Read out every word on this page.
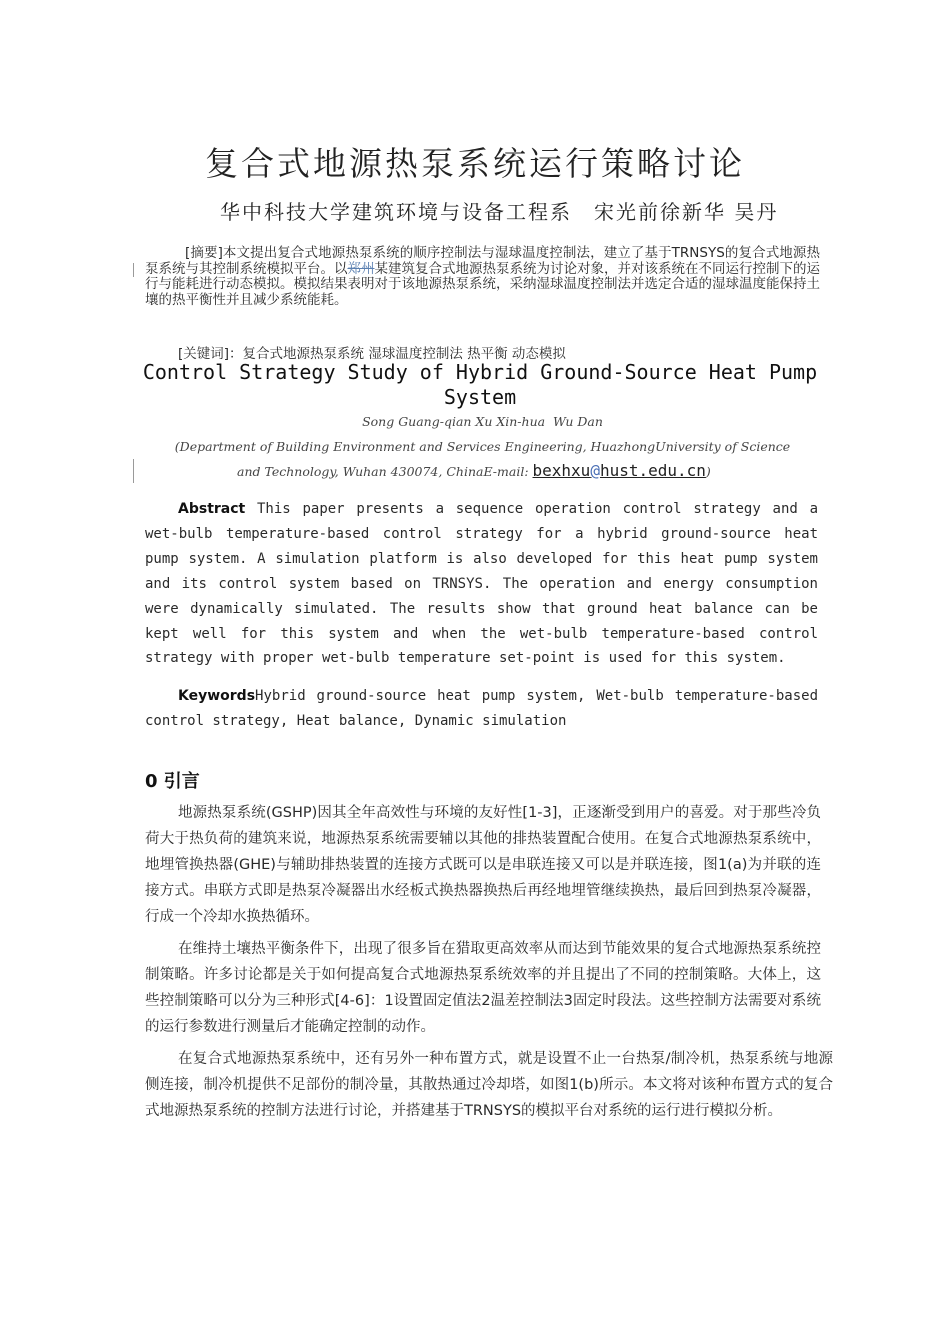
复合式地源热泵系统运行策略讨论
华中科技大学建筑环境与设备工程系 宋光前徐新华 吴丹

[摘要]本文提出复合式地源热泵系统的顺序控制法与湿球温度控制法，建立了基于TRNSYS的复合式地源热泵系统与其控制系统模拟平台。以郑州某建筑复合式地源热泵系统为讨论对象，并对该系统在不同运行控制下的运行与能耗进行动态模拟。模拟结果表明对于该地源热泵系统，采纳湿球温度控制法并选定合适的湿球温度能保持土壤的热平衡性并且减少系统能耗。

[关键词]：复合式地源热泵系统 湿球温度控制法 热平衡 动态模拟
Control Strategy Study of Hybrid Ground-Source Heat Pump System
Song Guang-qian Xu Xin-hua  Wu Dan
(Department of Building Environment and Services Engineering, HuazhongUniversity of Science
and Technology, Wuhan 430074, ChinaE-mail: bexhxu@hust.edu.cn)

Abstract This paper presents a sequence operation control strategy and a wet-bulb temperature-based control strategy for a hybrid ground-source heat pump system. A simulation platform is also developed for this heat pump system and its control system based on TRNSYS. The operation and energy consumption were dynamically simulated. The results show that ground heat balance can be kept well for this system and when the wet-bulb temperature-based control strategy with proper wet-bulb temperature set-point is used for this system.

KeywordsHybrid ground-source heat pump system, Wet-bulb temperature-based control strategy, Heat balance, Dynamic simulation

0 引言

地源热泵系统(GSHP)因其全年高效性与环境的友好性[1-3]，正逐渐受到用户的喜爱。对于那些冷负荷大于热负荷的建筑来说，地源热泵系统需要辅以其他的排热装置配合使用。在复合式地源热泵系统中，地埋管换热器(GHE)与辅助排热装置的连接方式既可以是串联连接又可以是并联连接，图1(a)为并联的连接方式。串联方式即是热泵冷凝器出水经板式换热器换热后再经地埋管继续换热，最后回到热泵冷凝器，行成一个冷却水换热循环。

在维持土壤热平衡条件下，出现了很多旨在猎取更高效率从而达到节能效果的复合式地源热泵系统控制策略。许多讨论都是关于如何提高复合式地源热泵系统效率的并且提出了不同的控制策略。大体上，这些控制策略可以分为三种形式[4-6]：1设置固定值法2温差控制法3固定时段法。这些控制方法需要对系统的运行参数进行测量后才能确定控制的动作。

在复合式地源热泵系统中，还有另外一种布置方式，就是设置不止一台热泵/制冷机，热泵系统与地源侧连接，制冷机提供不足部份的制冷量，其散热通过冷却塔，如图1(b)所示。本文将对该种布置方式的复合式地源热泵系统的控制方法进行讨论，并搭建基于TRNSYS的模拟平台对系统的运行进行模拟分析。
